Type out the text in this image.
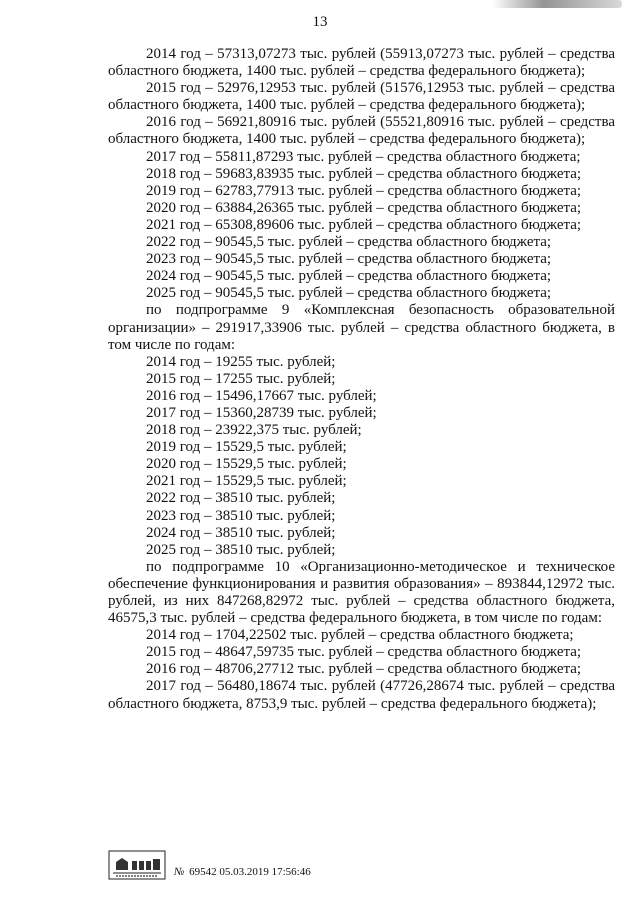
13

2014 год – 57313,07273 тыс. рублей (55913,07273 тыс. рублей – средства областного бюджета, 1400 тыс. рублей – средства федерального бюджета);

2015 год – 52976,12953 тыс. рублей (51576,12953 тыс. рублей – средства областного бюджета, 1400 тыс. рублей – средства федерального бюджета);

2016 год – 56921,80916 тыс. рублей (55521,80916 тыс. рублей – средства областного бюджета, 1400 тыс. рублей – средства федерального бюджета);

2017 год – 55811,87293 тыс. рублей – средства областного бюджета;

2018 год – 59683,83935 тыс. рублей – средства областного бюджета;

2019 год – 62783,77913 тыс. рублей – средства областного бюджета;

2020 год – 63884,26365 тыс. рублей – средства областного бюджета;

2021 год – 65308,89606 тыс. рублей – средства областного бюджета;

2022 год – 90545,5 тыс. рублей – средства областного бюджета;

2023 год – 90545,5 тыс. рублей – средства областного бюджета;

2024 год – 90545,5 тыс. рублей – средства областного бюджета;

2025 год – 90545,5 тыс. рублей – средства областного бюджета;

по подпрограмме 9 «Комплексная безопасность образовательной организации» – 291917,33906 тыс. рублей – средства областного бюджета, в том числе по годам:

2014 год – 19255 тыс. рублей;

2015 год – 17255 тыс. рублей;

2016 год – 15496,17667 тыс. рублей;

2017 год – 15360,28739 тыс. рублей;

2018 год – 23922,375 тыс. рублей;

2019 год – 15529,5 тыс. рублей;

2020 год – 15529,5 тыс. рублей;

2021 год – 15529,5 тыс. рублей;

2022 год – 38510 тыс. рублей;

2023 год – 38510 тыс. рублей;

2024 год – 38510 тыс. рублей;

2025 год – 38510 тыс. рублей;

по подпрограмме 10 «Организационно-методическое и техническое обеспечение функционирования и развития образования» – 893844,12972 тыс. рублей, из них 847268,82972 тыс. рублей – средства областного бюджета, 46575,3 тыс. рублей – средства федерального бюджета, в том числе по годам:

2014 год – 1704,22502 тыс. рублей – средства областного бюджета;

2015 год – 48647,59735 тыс. рублей – средства областного бюджета;

2016 год – 48706,27712 тыс. рублей – средства областного бюджета;

2017 год – 56480,18674 тыс. рублей (47726,28674 тыс. рублей – средства областного бюджета, 8753,9 тыс. рублей – средства федерального бюджета);

№ 69542 05.03.2019 17:56:46
